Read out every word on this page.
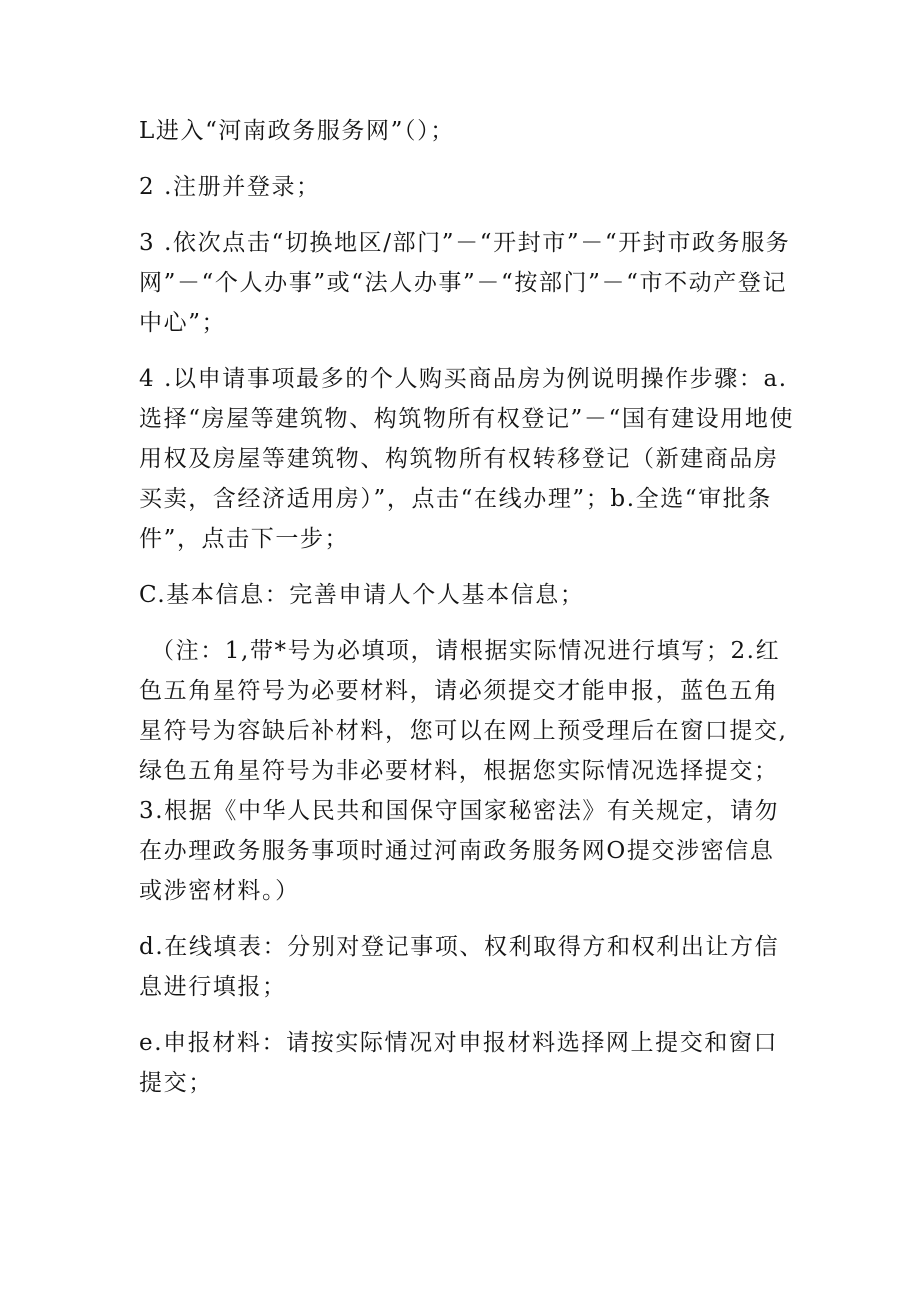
L进入“河南政务服务网”（）；

2 .注册并登录；

3 .依次点击“切换地区/部门”－“开封市”－“开封市政务服务网”－“个人办事”或“法人办事”－“按部门”－“市不动产登记中心”；

4 .以申请事项最多的个人购买商品房为例说明操作步骤：a.选择“房屋等建筑物、构筑物所有权登记”－“国有建设用地使用权及房屋等建筑物、构筑物所有权转移登记（新建商品房买卖，含经济适用房）”，点击“在线办理”；b.全选“审批条件”，点击下一步；

C.基本信息：完善申请人个人基本信息；

（注：1,带*号为必填项，请根据实际情况进行填写；2.红色五角星符号为必要材料，请必须提交才能申报，蓝色五角星符号为容缺后补材料，您可以在网上预受理后在窗口提交,绿色五角星符号为非必要材料，根据您实际情况选择提交；3.根据《中华人民共和国保守国家秘密法》有关规定，请勿在办理政务服务事项时通过河南政务服务网O提交涉密信息或涉密材料。）

d.在线填表：分别对登记事项、权利取得方和权利出让方信息进行填报；

e.申报材料：请按实际情况对申报材料选择网上提交和窗口提交；
